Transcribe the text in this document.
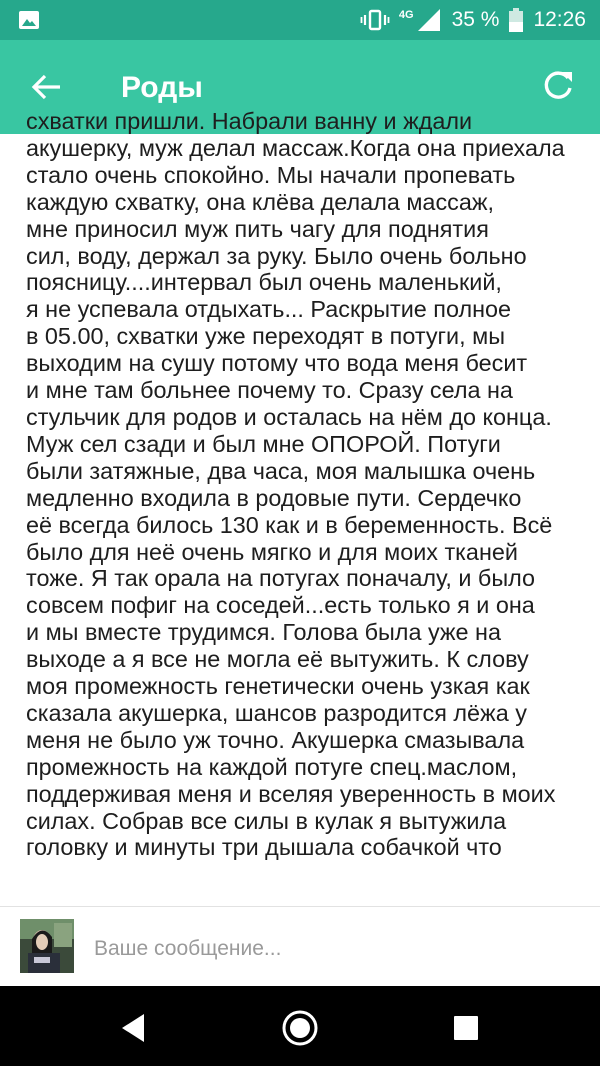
4G 35 % 12:26
Роды
схватки пришли. Набрали ванну и ждали
акушерку, муж делал массаж.Когда она приехала
стало очень спокойно. Мы начали пропевать
каждую схватку, она клёва делала массаж,
мне приносил муж пить чагу для поднятия
сил, воду, держал за руку. Было очень больно
поясницу....интервал был очень маленький,
я не успевала отдыхать... Раскрытие полное
в 05.00, схватки уже переходят в потуги, мы
выходим на сушу потому что вода меня бесит
и мне там больнее почему то. Сразу села на
стульчик для родов и осталась на нём до конца.
Муж сел сзади и был мне ОПОРОЙ. Потуги
были затяжные, два часа, моя малышка очень
медленно входила в родовые пути. Сердечко
её всегда билось 130 как и в беременность. Всё
было для неё очень мягко и для моих тканей
тоже. Я так орала на потугах поначалу, и было
совсем пофиг на соседей...есть только я и она
и мы вместе трудимся. Голова была уже на
выходе а я все не могла её вытужить. К слову
моя промежность генетически очень узкая как
сказала акушерка, шансов разродится лёжа у
меня не было уж точно. Акушерка смазывала
промежность на каждой потуге спец.маслом,
поддерживая меня и вселяя уверенность в моих
силах. Собрав все силы в кулак я вытужила
головку и минуты три дышала собачкой что
Ваше сообщение...
